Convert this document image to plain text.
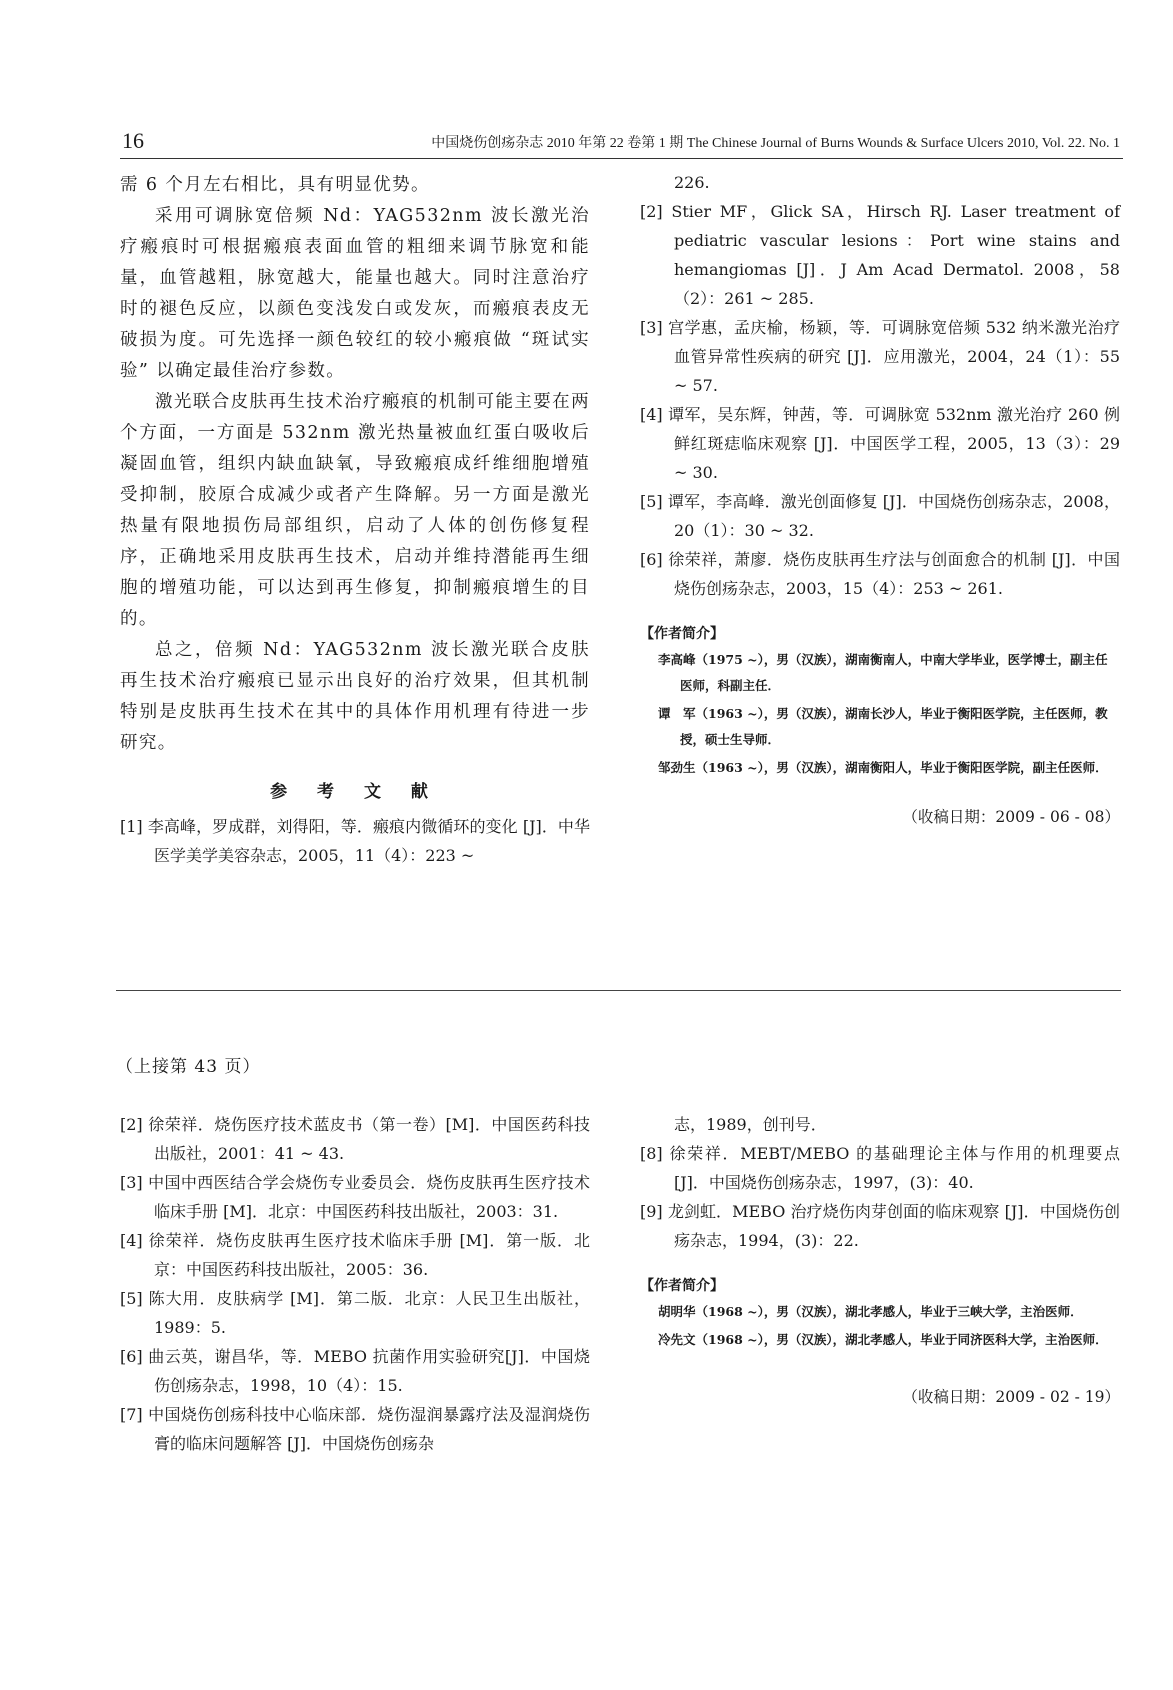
16	中国烧伤创疡杂志 2010 年第 22 卷第 1 期 The Chinese Journal of Burns Wounds & Surface Ulcers 2010, Vol. 22. No. 1

需 6 个月左右相比，具有明显优势。

采用可调脉宽倍频 Nd：YAG532nm 波长激光治疗瘢痕时可根据瘢痕表面血管的粗细来调节脉宽和能量，血管越粗，脉宽越大，能量也越大。同时注意治疗时的褪色反应，以颜色变浅发白或发灰，而瘢痕表皮无破损为度。可先选择一颜色较红的较小瘢痕做 “斑试实验” 以确定最佳治疗参数。

激光联合皮肤再生技术治疗瘢痕的机制可能主要在两个方面，一方面是 532nm 激光热量被血红蛋白吸收后凝固血管，组织内缺血缺氧，导致瘢痕成纤维细胞增殖受抑制，胶原合成减少或者产生降解。另一方面是激光热量有限地损伤局部组织，启动了人体的创伤修复程序，正确地采用皮肤再生技术，启动并维持潜能再生细胞的增殖功能，可以达到再生修复，抑制瘢痕增生的目的。

总之，倍频 Nd：YAG532nm 波长激光联合皮肤再生技术治疗瘢痕已显示出良好的治疗效果，但其机制特别是皮肤再生技术在其中的具体作用机理有待进一步研究。

参 考 文 献

[1] 李高峰，罗成群，刘得阳，等．瘢痕内微循环的变化 [J]．中华医学美学美容杂志，2005，11（4）：223 ~

226.

[2] Stier MF，Glick SA，Hirsch RJ. Laser treatment of pediatric vascular lesions：Port wine stains and hemangiomas [J]．J Am Acad Dermatol. 2008，58（2）：261 ~ 285.

[3] 宫学惠，孟庆榆，杨颖，等．可调脉宽倍频 532 纳米激光治疗血管异常性疾病的研究 [J]．应用激光，2004，24（1）：55 ~ 57.

[4] 谭军，吴东辉，钟茜，等．可调脉宽 532nm 激光治疗 260 例鲜红斑痣临床观察 [J]．中国医学工程，2005，13（3）：29 ~ 30.

[5] 谭军，李高峰．激光创面修复 [J]．中国烧伤创疡杂志，2008，20（1）：30 ~ 32.

[6] 徐荣祥，萧廖．烧伤皮肤再生疗法与创面愈合的机制 [J]．中国烧伤创疡杂志，2003，15（4）：253 ~ 261.

【作者简介】

李高峰（1975 ~），男（汉族），湖南衡南人，中南大学毕业，医学博士，副主任医师，科副主任．

谭　军（1963 ~），男（汉族），湖南长沙人，毕业于衡阳医学院，主任医师，教授，硕士生导师．

邹劲生（1963 ~），男（汉族），湖南衡阳人，毕业于衡阳医学院，副主任医师．

（收稿日期：2009 - 06 - 08）

（上接第 43 页）

[2] 徐荣祥．烧伤医疗技术蓝皮书（第一卷）[M]．中国医药科技出版社，2001：41 ~ 43.

[3] 中国中西医结合学会烧伤专业委员会．烧伤皮肤再生医疗技术临床手册 [M]．北京：中国医药科技出版社，2003：31.

[4] 徐荣祥．烧伤皮肤再生医疗技术临床手册 [M]．第一版．北京：中国医药科技出版社，2005：36.

[5] 陈大用．皮肤病学 [M]．第二版．北京：人民卫生出版社，1989：5.

[6] 曲云英，谢昌华，等．MEBO 抗菌作用实验研究[J]．中国烧伤创疡杂志，1998，10（4）：15.

[7] 中国烧伤创疡科技中心临床部．烧伤湿润暴露疗法及湿润烧伤膏的临床问题解答 [J]．中国烧伤创疡杂

志，1989，创刊号．

[8] 徐荣祥．MEBT/MEBO 的基础理论主体与作用的机理要点 [J]．中国烧伤创疡杂志，1997，(3)：40.

[9] 龙剑虹．MEBO 治疗烧伤肉芽创面的临床观察 [J]．中国烧伤创疡杂志，1994，(3)：22.

【作者简介】

胡明华（1968 ~），男（汉族），湖北孝感人，毕业于三峡大学，主治医师．

冷先文（1968 ~），男（汉族），湖北孝感人，毕业于同济医科大学，主治医师．

（收稿日期：2009 - 02 - 19）
